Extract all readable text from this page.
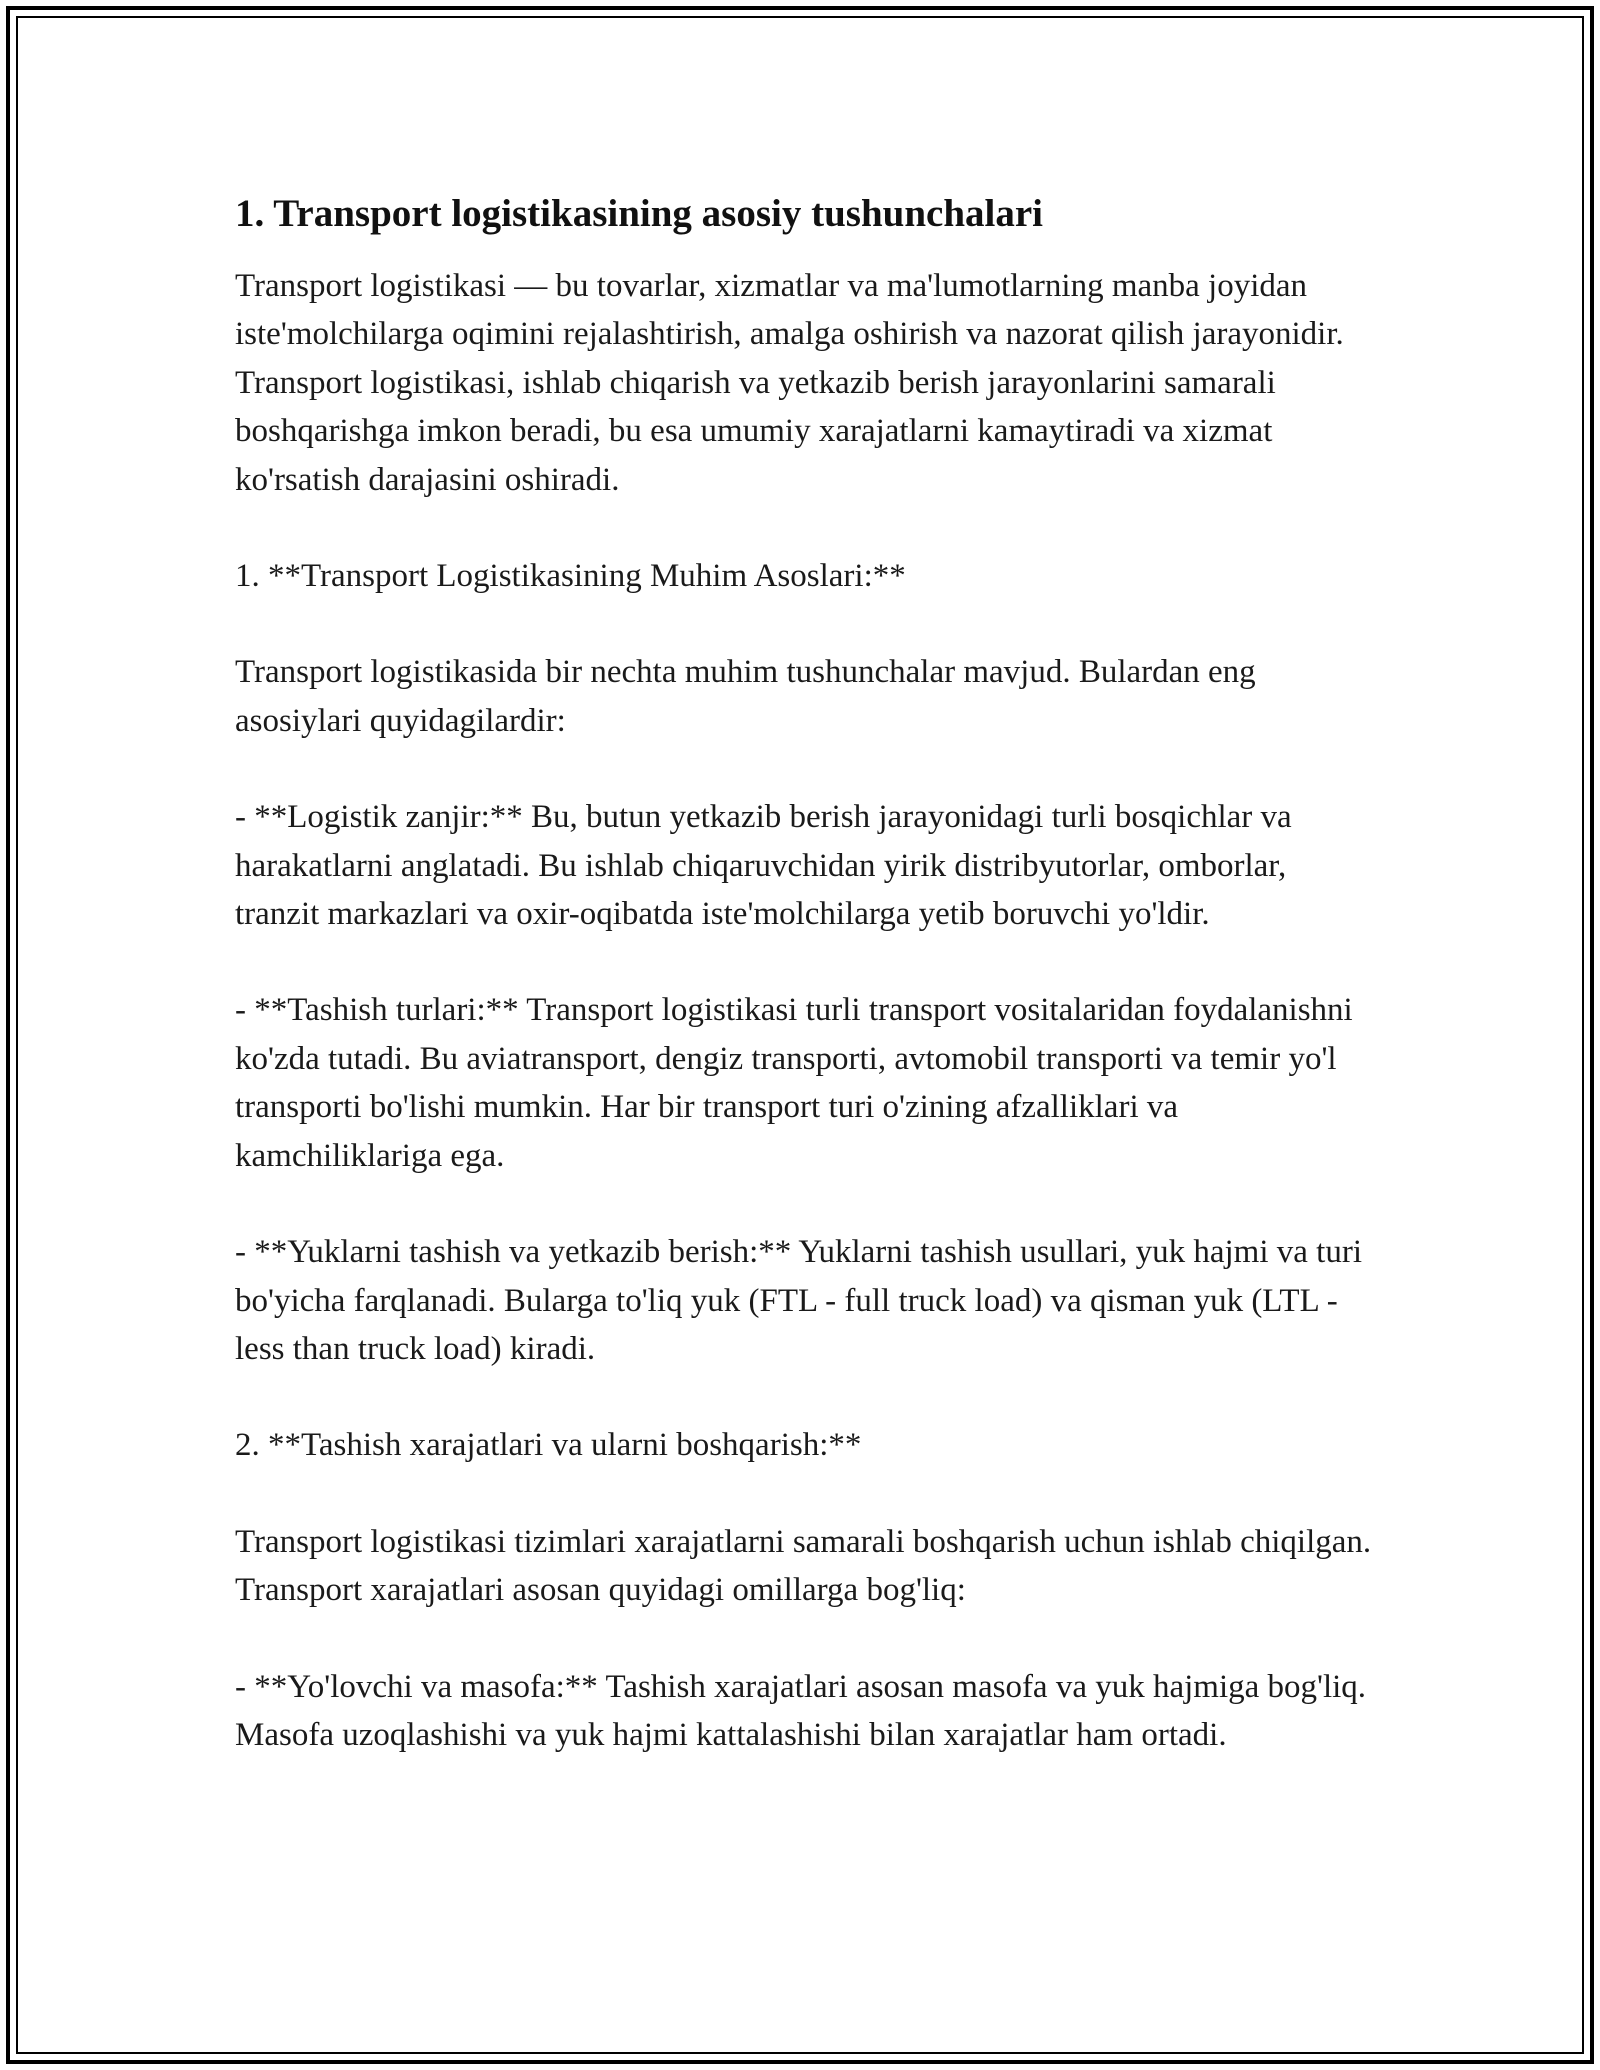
1. Transport logistikasining asosiy tushunchalari

Transport logistikasi — bu tovarlar, xizmatlar va ma'lumotlarning manba joyidan iste'molchilarga oqimini rejalashtirish, amalga oshirish va nazorat qilish jarayonidir. Transport logistikasi, ishlab chiqarish va yetkazib berish jarayonlarini samarali boshqarishga imkon beradi, bu esa umumiy xarajatlarni kamaytiradi va xizmat ko'rsatish darajasini oshiradi.

1. **Transport Logistikasining Muhim Asoslari:**

Transport logistikasida bir nechta muhim tushunchalar mavjud. Bulardan eng asosiylari quyidagilardir:

- **Logistik zanjir:** Bu, butun yetkazib berish jarayonidagi turli bosqichlar va harakatlarni anglatadi. Bu ishlab chiqaruvchidan yirik distribyutorlar, omborlar, tranzit markazlari va oxir-oqibatda iste'molchilarga yetib boruvchi yo'ldir.

- **Tashish turlari:** Transport logistikasi turli transport vositalaridan foydalanishni ko'zda tutadi. Bu aviatransport, dengiz transporti, avtomobil transporti va temir yo'l transporti bo'lishi mumkin. Har bir transport turi o'zining afzalliklari va kamchiliklariga ega.

- **Yuklarni tashish va yetkazib berish:** Yuklarni tashish usullari, yuk hajmi va turi bo'yicha farqlanadi. Bularga to'liq yuk (FTL - full truck load) va qisman yuk (LTL - less than truck load) kiradi.

2. **Tashish xarajatlari va ularni boshqarish:**

Transport logistikasi tizimlari xarajatlarni samarali boshqarish uchun ishlab chiqilgan. Transport xarajatlari asosan quyidagi omillarga bog'liq:

- **Yo'lovchi va masofa:** Tashish xarajatlari asosan masofa va yuk hajmiga bog'liq. Masofa uzoqlashishi va yuk hajmi kattalashishi bilan xarajatlar ham ortadi.
